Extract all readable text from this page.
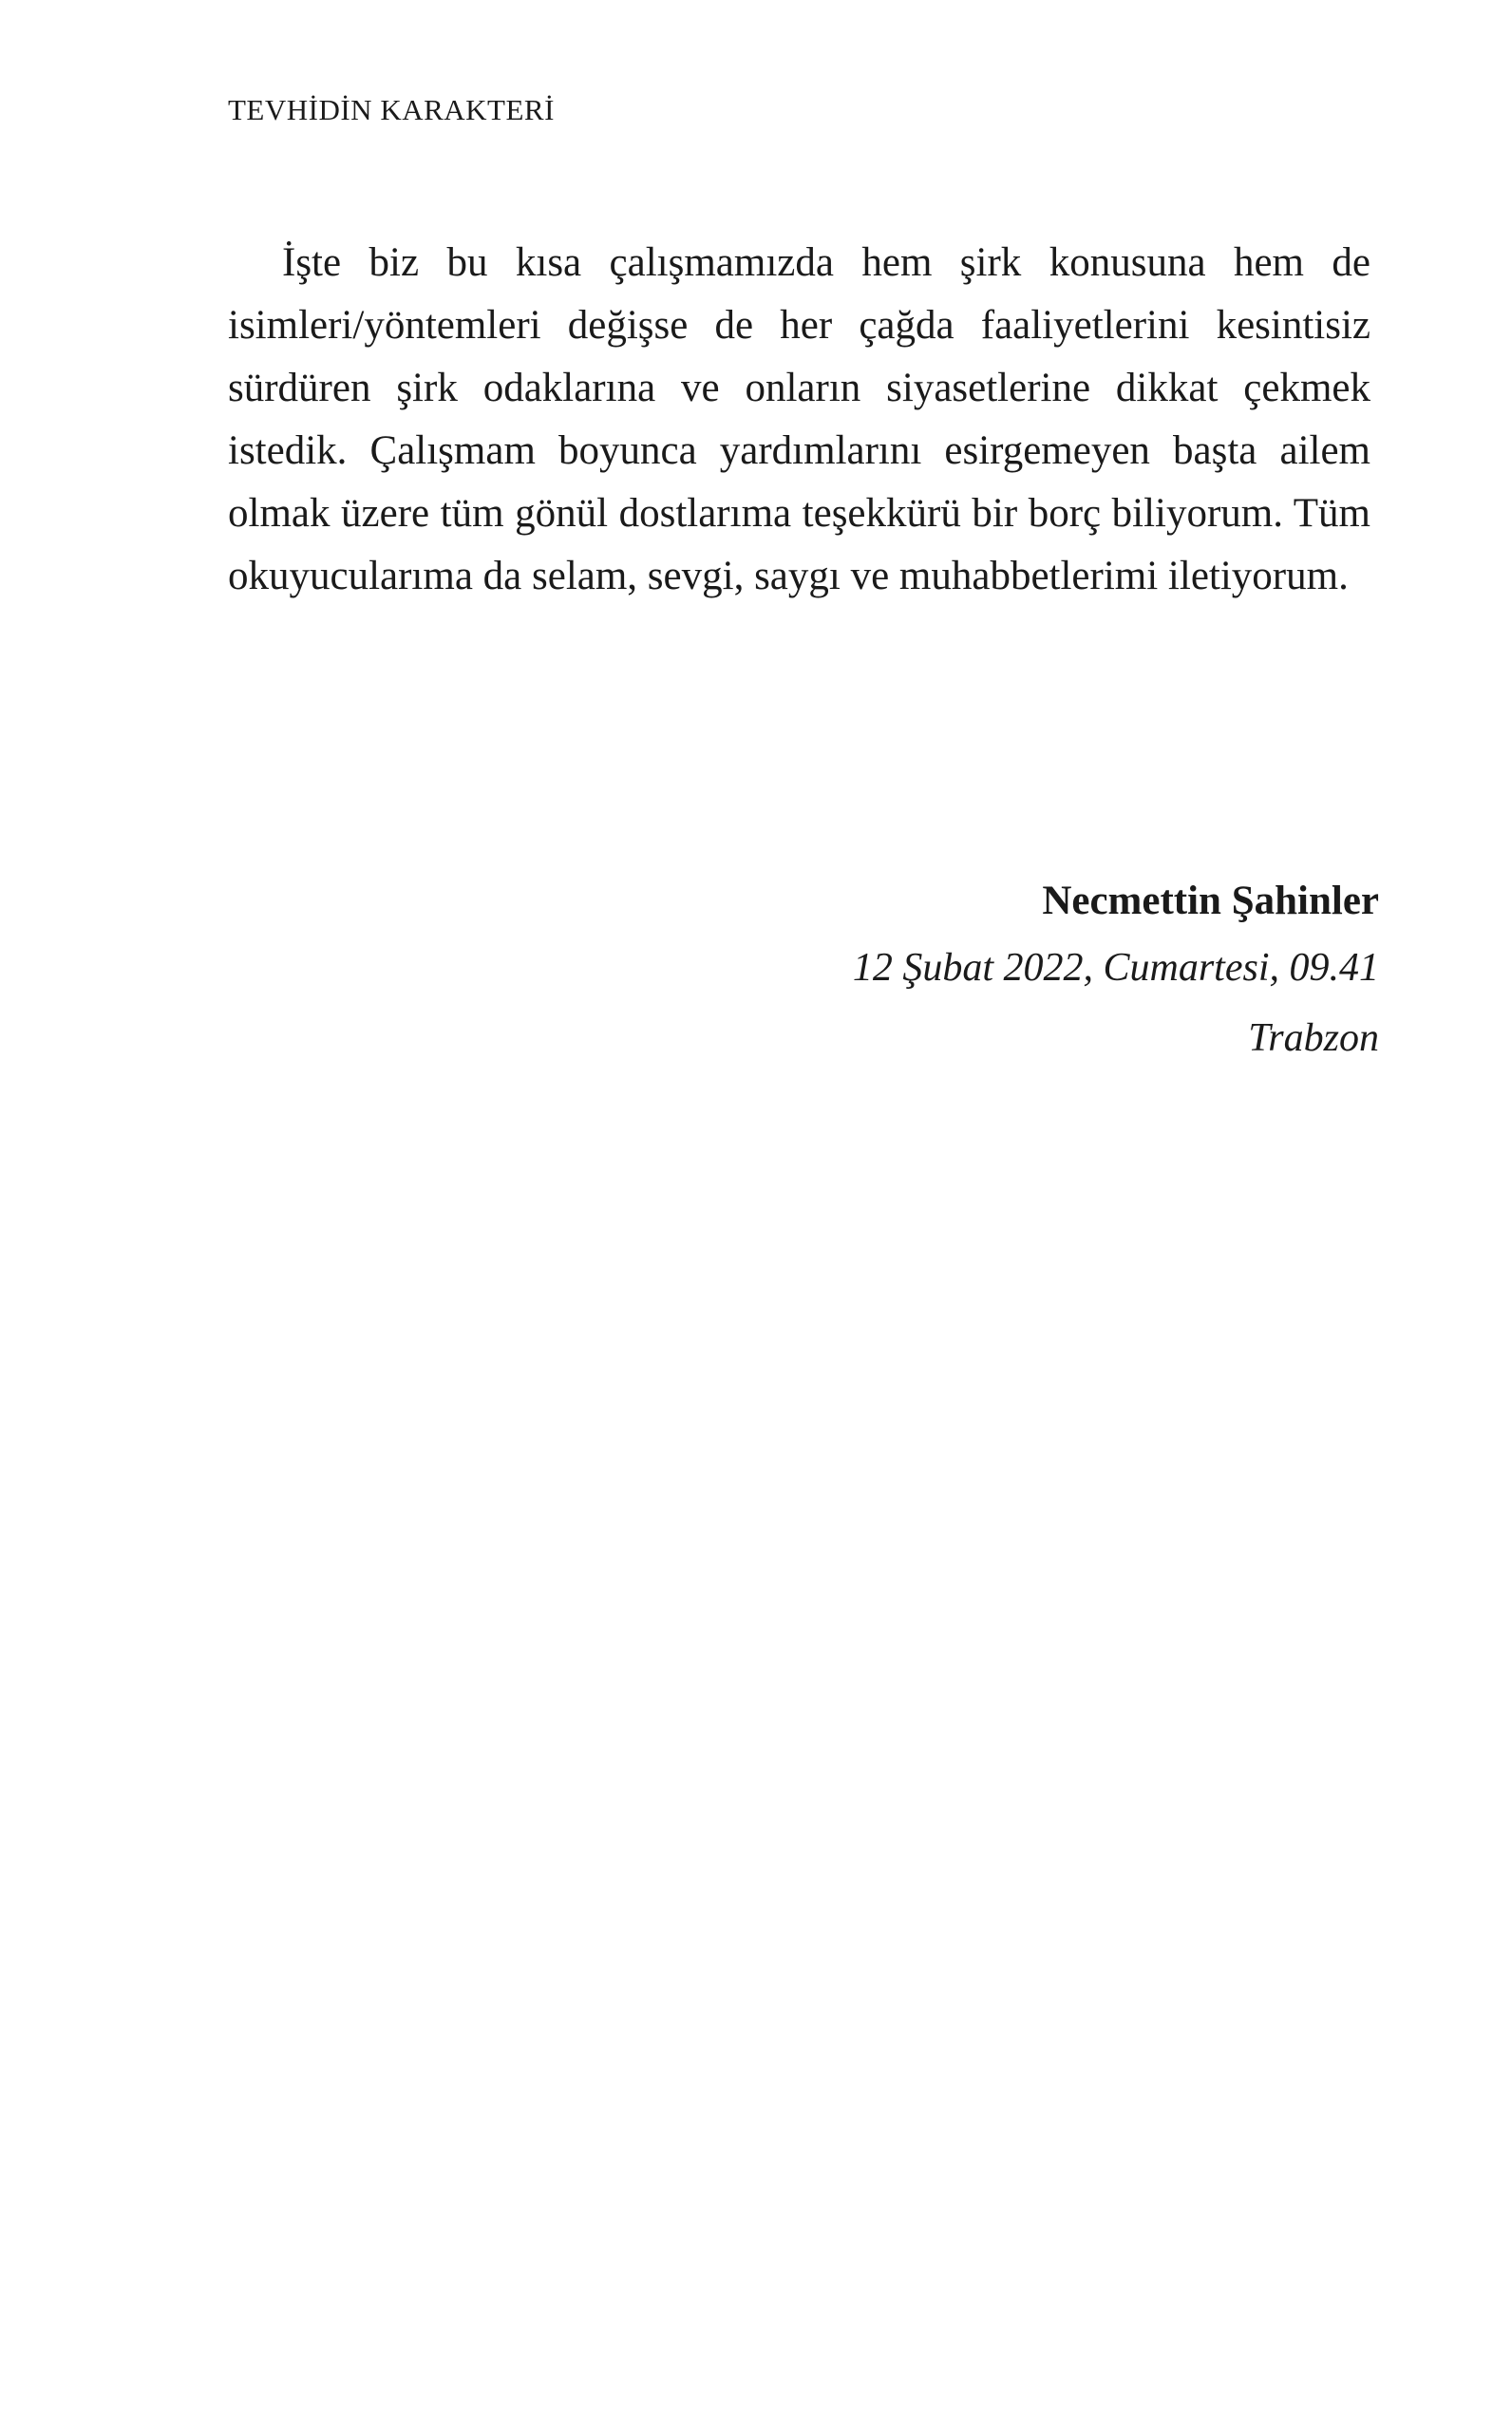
TEVHİDİN KARAKTERİ

İşte biz bu kısa çalışmamızda hem şirk konusuna hem de isimleri/yöntemleri değişse de her çağda faaliyetlerini kesintisiz sürdüren şirk odaklarına ve onların siyasetlerine dikkat çekmek istedik. Çalışmam boyunca yardımlarını esirgemeyen başta ailem olmak üzere tüm gönül dostlarıma teşekkürü bir borç biliyorum. Tüm okuyucularıma da selam, sevgi, saygı ve muhabbetlerimi iletiyorum.

Necmettin Şahinler

12 Şubat 2022, Cumartesi, 09.41

Trabzon
